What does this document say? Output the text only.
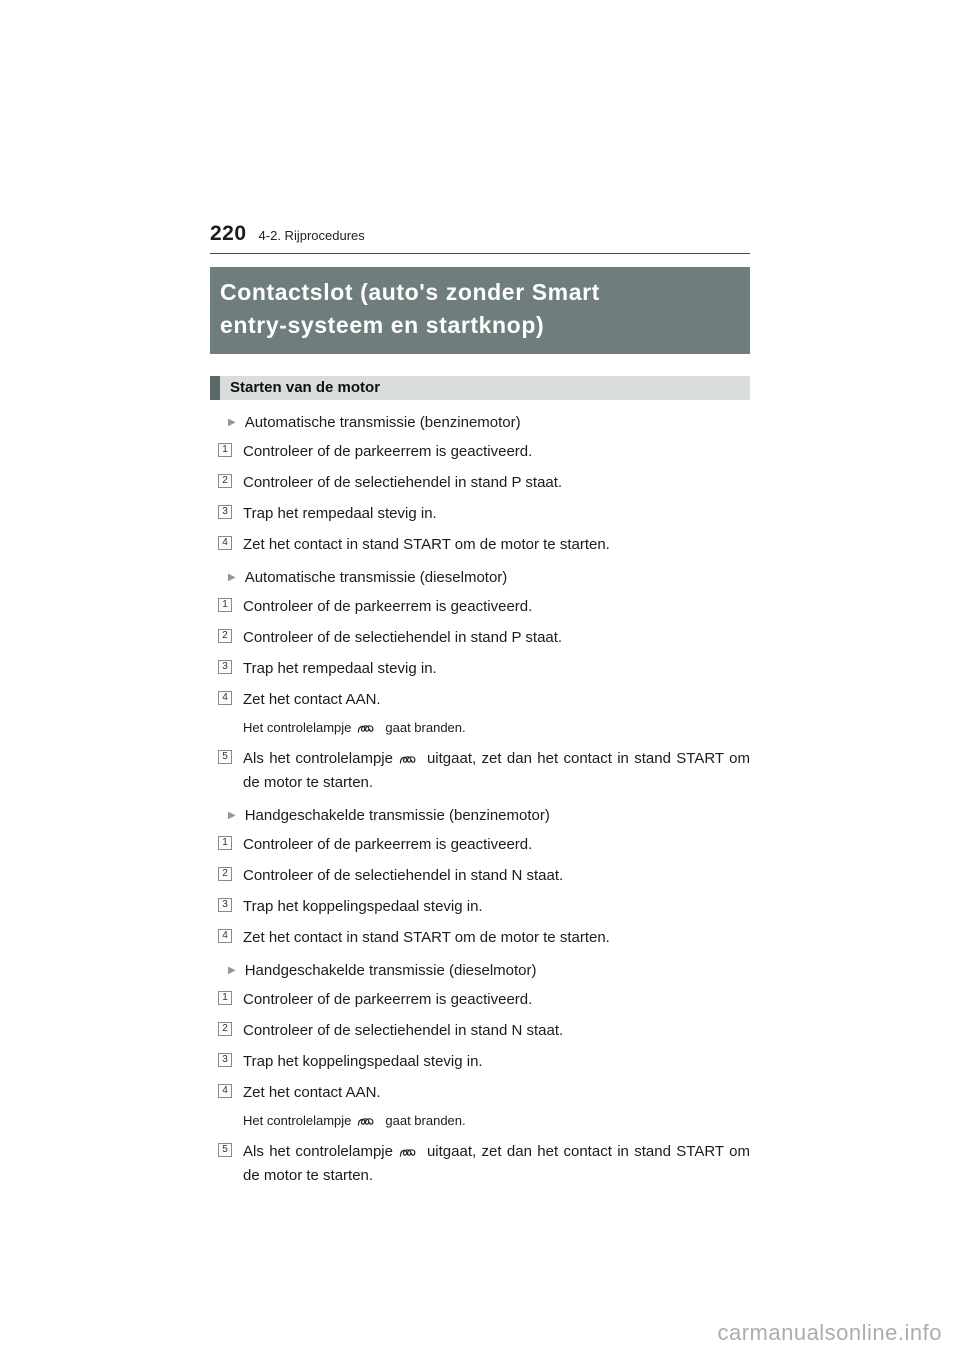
220 4-2. Rijprocedures
Contactslot (auto's zonder Smart
entry-systeem en startknop)
Starten van de motor
▶ Automatische transmissie (benzinemotor)
1 Controleer of de parkeerrem is geactiveerd.
2 Controleer of de selectiehendel in stand P staat.
3 Trap het rempedaal stevig in.
4 Zet het contact in stand START om de motor te starten.
▶ Automatische transmissie (dieselmotor)
1 Controleer of de parkeerrem is geactiveerd.
2 Controleer of de selectiehendel in stand P staat.
3 Trap het rempedaal stevig in.
4 Zet het contact AAN.
Het controlelampje	gaat branden.
5 Als het controlelampje uitgaat, zet dan het contact in stand START om de motor te starten.
▶ Handgeschakelde transmissie (benzinemotor)
1 Controleer of de parkeerrem is geactiveerd.
2 Controleer of de selectiehendel in stand N staat.
3 Trap het koppelingspedaal stevig in.
4 Zet het contact in stand START om de motor te starten.
▶ Handgeschakelde transmissie (dieselmotor)
1 Controleer of de parkeerrem is geactiveerd.
2 Controleer of de selectiehendel in stand N staat.
3 Trap het koppelingspedaal stevig in.
4 Zet het contact AAN.
Het controlelampje	gaat branden.
5 Als het controlelampje uitgaat, zet dan het contact in stand START om de motor te starten.
carmanualsonline.info
